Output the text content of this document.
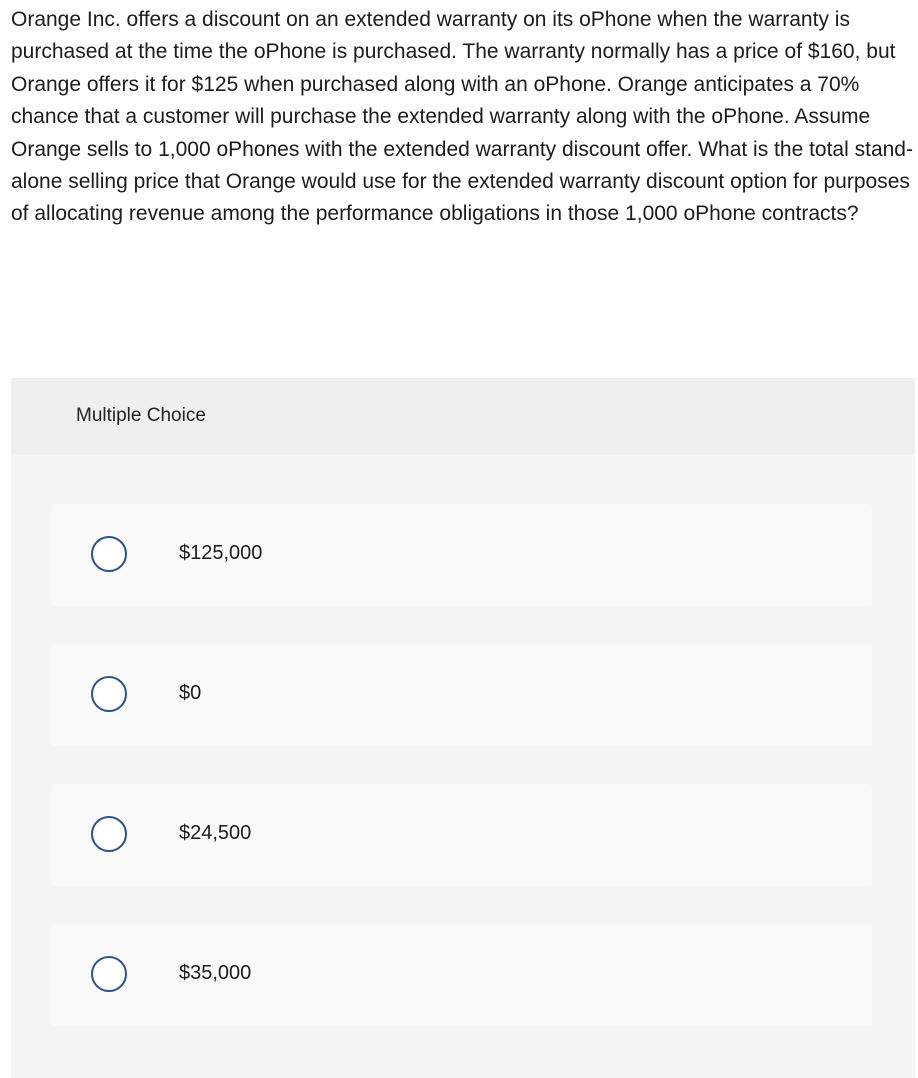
Orange Inc. offers a discount on an extended warranty on its oPhone when the warranty is purchased at the time the oPhone is purchased. The warranty normally has a price of $160, but Orange offers it for $125 when purchased along with an oPhone. Orange anticipates a 70% chance that a customer will purchase the extended warranty along with the oPhone. Assume Orange sells to 1,000 oPhones with the extended warranty discount offer. What is the total stand-alone selling price that Orange would use for the extended warranty discount option for purposes of allocating revenue among the performance obligations in those 1,000 oPhone contracts?

Multiple Choice
$125,000
$0
$24,500
$35,000
